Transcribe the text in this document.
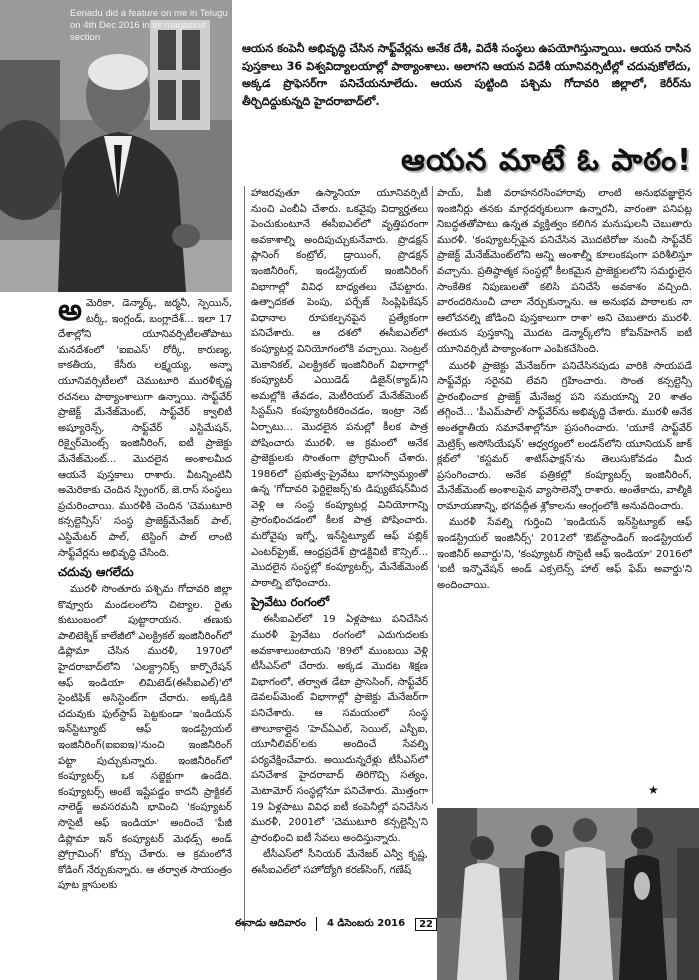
Eenadu did a feature on me in Telugu on 4th Dec 2016 in its magazine section
ఆయన కంపెనీ అభివృద్ధి చేసిన సాఫ్ట్‌వేర్లను అనేక దేశీ, విదేశీ సంస్థలు ఉపయోగిస్తున్నాయి. ఆయన రాసిన పుస్తకాలు 36 విశ్వవిద్యాలయాల్లో పాఠ్యాంశాలు. అలాగని ఆయన విదేశీ యూనివర్సిటీల్లో చదువుకోలేదు, అక్కడ ప్రొఫెసర్‌గా పనిచేయనూలేదు. ఆయన పుట్టింది పశ్చిమ గోదావరి జిల్లాలో, కెరీర్‌ను తీర్చిదిద్దుకున్నది హైదరాబాద్‌లో.
ఆయన మాటే ఓ పాఠం!

అమెరికా, డెన్మార్క్, జర్మనీ, స్పెయిన్, టర్కీ, ఇంగ్లండ్, బంగ్లాదేశ్... ఇలా 17 దేశాల్లోని యూనివర్సిటీలతోపాటు మనదేశంలో 'ఐఐఎస్' రోర్కీ, కారుణ్య, కాకతీయ, కేసీరు లక్ష్మయ్య, అన్నా యూనివర్సిటీలలో చెముటూరి మురళీకృష్ణ రచనలు పాఠ్యాంశాలుగా ఉన్నాయి. సాఫ్ట్‌వేర్ ప్రాజెక్ట్ మేనేజ్‌మెంట్, సాఫ్ట్‌వేర్ క్వాలిటీ అష్యూరెన్స్, సాఫ్ట్‌వేర్ ఎస్టిమేషన్, రిక్వైర్‌మెంట్స్ ఇంజినీరింగ్, ఐటీ ప్రాజెక్టు మేనేజ్‌మెంట్... మొదలైన అంశాలమీద ఆయనే పుస్తకాలు రాశారు. వీటన్నింటినీ అమెరికాకు చెందిన స్ప్రింగర్, జె.రాస్ సంస్థలు ప్రచురించాయి. మురళీకి చెందిన 'చెముటూరి కన్సల్టెన్సీస్' సంస్థ ప్రాజెక్ట్‌మేనేజర్ పాల్, ఎస్టిమేటర్ పాల్, టెస్టింగ్ పాల్ లాంటి సాఫ్ట్‌వేర్లను అభివృద్ధి చేసింది.

చదువు ఆగలేదు

మురళీ సొంతూరు పశ్చిమ గోదావరి జిల్లా కొవ్వూరు మండలంలోని చిట్యాల. రైతు కుటుంబంలో పుట్టారాయన. తణుకు పాలిటెక్నిక్ కాలేజీలో ఎలక్ట్రికల్ ఇంజినీరింగ్‌లో డిప్లొమా చేసిన మురళీ, 1970లో హైదరాబాద్‌లోని 'ఎలక్ట్రానిక్స్ కార్పొరేషన్ ఆఫ్ ఇండియా లిమిటెడ్(ఈసీఐఎల్)'లో సైంటిఫిక్ అసిస్టెంట్‌గా చేరారు. అక్కడికి చదువుకు ఫుల్‌స్టాప్ పెట్టకుండా 'ఇండియన్ ఇన్‌స్టిట్యూట్ ఆఫ్ ఇండస్ట్రియల్ ఇంజినీరింగ్(ఐఐఐఇ)'నుంచి ఇంజినీరింగ్ పట్టా పుచ్చుకున్నారు. ఇంజినీరింగ్‌లో కంప్యూటర్స్ ఒక సబ్జెక్టుగా ఉండేది. కంప్యూటర్స్ అంటే ఇష్టేపడ్డం కాదనీ ప్రాక్టికల్ నాలెడ్జ్ అవసరమనీ భావించి 'కంప్యూటర్ సొసైటీ ఆఫ్ ఇండియా' అందించే 'పీజీ డిప్లొమా ఇన్ కంప్యూటర్ మెథడ్స్ అండ్ ప్రోగ్రామింగ్' కోర్సు చేశారు. ఆ క్రమంలోనే కోడింగ్ నేర్చుకున్నారు. ఆ తర్వాత సాయంత్రం పూట క్లాసులకు

హాజరవుతూ ఉస్మానియా యూనివర్సిటీ నుంచి ఎంబీఏ చేశారు. ఒకవైపు విద్యార్హతలు పెంచుకుంటూనే ఈసీఐఎల్‌లో వృత్తిపరంగా అవకాశాల్ని అందిపుచ్చుకునేవారు. ప్రొడక్షన్ ప్లానింగ్ కంట్రోల్, డ్రాయింగ్, ప్రొడక్షన్ ఇంజినీరింగ్, ఇండస్ట్రియల్ ఇంజినీరింగ్ విభాగాల్లో వివిధ బాధ్యతలు చేపట్టారు. ఉత్పాదకత పెంపు, పర్చేజ్ సింప్లిఫికేషన్ విధానాల రూపకల్పనపైన ప్రత్యేకంగా పనిచేశారు. ఆ దశలో ఈసీఐఎల్‌లో కంప్యూటర్ల వినియోగంలోకి వచ్చాయి. సెంట్రల్ మెకానికల్, ఎలక్ట్రికల్ ఇంజినీరింగ్ విభాగాల్లో కంప్యూటర్ ఎయిడెడ్ డిజైన్(క్యాడ్)ని అమల్లోకి తేవడం, మెటీరియల్ మేనేజ్‌మెంట్ సిస్టమ్‌ని కంప్యూటరీకరించడం, ఇంట్రా నెట్ ఏర్పాటు... మొదలైన పనుల్లో కీలక పాత్ర పోషించారు మురళీ. ఆ క్రమంలో అనేక ప్రాజెక్టులకు సొంతంగా ప్రోగ్రామింగ్ చేశారు. 1986లో ప్రభుత్వ-ప్రైవేటు భాగస్వామ్యంతో ఉన్న 'గోదావరి ఫెర్టిలైజర్స్'కు డిప్యుటేషన్‌మీద వెళ్లి ఆ సంస్థ కంప్యూటర్ల వినియోగాన్ని ప్రారంభించడంలో కీలక పాత్ర పోషించారు. మరోవైపు ఇగ్నో, ఇన్‌స్టిట్యూట్ ఆఫ్ పబ్లిక్ ఎంటర్‌ప్రైజ్, ఆంధ్రప్రదేశ్ ప్రొడక్టివిటీ కౌన్సిల్... మొదలైన సంస్థల్లో కంప్యూటర్స్, మేనేజ్‌మెంట్ పాఠాల్ని బోధించారు.

ప్రైవేటు రంగంలో

ఈసీఐఎల్‌లో 19 ఏళ్లపాటు పనిచేసిన మురళీ ప్రైవేటు రంగంలో ఎదుగుదలకు అవకాశాలుంటాయని '89లో ముంబయి వెళ్లి టీసీఎస్‌లో చేరారు. అక్కడ మొదట శిక్షణ విభాగంలో, తర్వాత డేటా ప్రాసెసింగ్, సాఫ్ట్‌వేర్ డెవలప్‌మెంట్ విభాగాల్లో ప్రాజెక్టు మేనేజర్‌గా పనిచేశారు. ఆ సమయంలో సంస్థ తాలూకాల్లైన 'హెచ్ఏఎల్, సెయిల్, ఎస్బీఐ, యూనీలివర్'లకు అందించే సేవల్ని పర్యవేక్షించేవారు. అయిదున్నరేళ్లు టీసీఎస్‌లో పనిచేశాక హైదరాబాద్ తిరిగొచ్చి సత్యం, మెటామోర్ సంస్థల్లోనూ పనిచేశారు. మొత్తంగా 19 ఏళ్లపాటు వివిధ ఐటీ కంపెనీల్లో పనిచేసిన మురళీ, 2001లో 'చెముటూరి కన్సల్టెన్సీ'ని ప్రారంభించి ఐటీ సేవలు అందిస్తున్నారు.

టీసీఎస్‌లో సీనియర్ మేనేజర్ ఎన్వీ కృష్ణ, ఈసీఐఎల్‌లో సహోద్యోగి కరణ్‌సింగ్, గణేష్

పాయ్, పీజీ వరాహనరసింహారావు లాంటి అనుభవజ్ఞులైన ఇంజినీర్లు తనకు మార్గదర్శకులుగా ఉన్నారనీ, వారంతా పనిపట్ల నిబద్ధతతోపాటు ఉన్నత వ్యక్తిత్వం కలిగిన మనుషులనీ చెబుతారు మురళీ. 'కంప్యూటర్స్‌పైన పనిచేసిన మొదటిరోజు నుంచీ సాఫ్ట్‌వేర్ ప్రాజెక్ట్ మేనేజ్‌మెంట్‌లోని అన్ని అంశాల్నీ కూలంకషంగా పరిశీలిస్తూ వచ్చాను. ప్రతిష్ఠాత్మక సంస్థల్లో కీలకమైన ప్రాజెక్టులలోని సమర్థులైన సాంకేతిక నిపుణులతో కలిసి పనిచేసే అవకాశం వచ్చింది. వారందరినుంచీ చాలా నేర్చుకున్నాను. ఆ అనుభవ పాఠాలకు నా ఆలోచనల్ని జోడించి పుస్తకాలుగా రాశా' అని చెబుతారు మురళీ. ఈయన పుస్తకాన్ని మొదట డెన్మార్క్‌లోని కోపెన్‌హెగెన్ ఐటీ యూనివర్సిటీ పాఠ్యాంశంగా ఎంపికచేసింది.

మురళీ ప్రాజెక్టు మేనేజర్‌గా పనిచేసినపుడు వారికి సాయపడే సాఫ్ట్‌వేర్లు సరైనవి లేవని గ్రహించారు. సొంత కన్సల్టెన్సీ ప్రారంభించాక ప్రాజెక్ట్ మేనేజర్ల పని సమయాన్ని 20 శాతం తగ్గించే... 'పీఎమ్‌పాల్' సాఫ్ట్‌వేర్‌ను అభివృద్ధి చేశారు. మురళీ అనేక అంతర్జాతీయ సమావేశాల్లోనూ ప్రసంగించారు. 'యూకే సాఫ్ట్‌వేర్ మెట్రిక్స్ అసోసియేషన్' ఆధ్వర్యంలో లండన్‌లోని యూనియన్ జాక్ క్లబ్‌లో 'కస్టమర్ శాటిస్‌ఫాక్షన్'ను తెలుసుకోవడం మీద ప్రసంగించారు. అనేక పత్రికల్లో కంప్యూటర్స్ ఇంజినీరింగ్, మేనేజ్‌మెంట్ అంశాలపైన వ్యాసాలెన్నో రాశారు. అంతేకాదు, వాల్మీకి రామాయణాన్ని, భగవద్గీత శ్లోకాలను ఆంగ్లంలోకి అనువదించారు.

మురళీ సేవల్ని గుర్తించి 'ఇండియన్ ఇన్‌స్టిట్యూట్ ఆఫ్ ఇండస్ట్రియల్ ఇంజినీర్స్' 2012లో 'ఔట్‌స్టాండింగ్ ఇండస్ట్రియల్ ఇంజినీర్ అవార్డు'ని, 'కంప్యూటర్ సొసైటీ ఆఫ్ ఇండియా' 2016లో 'ఐటీ ఇన్నొవేషన్ అండ్ ఎక్సలెన్స్ హాల్ ఆఫ్ ఫేమ్ అవార్డు'ని అందించాయి.

★
ఈనాడు ఆదివారం 4 డిసెంబరు 2016	22
